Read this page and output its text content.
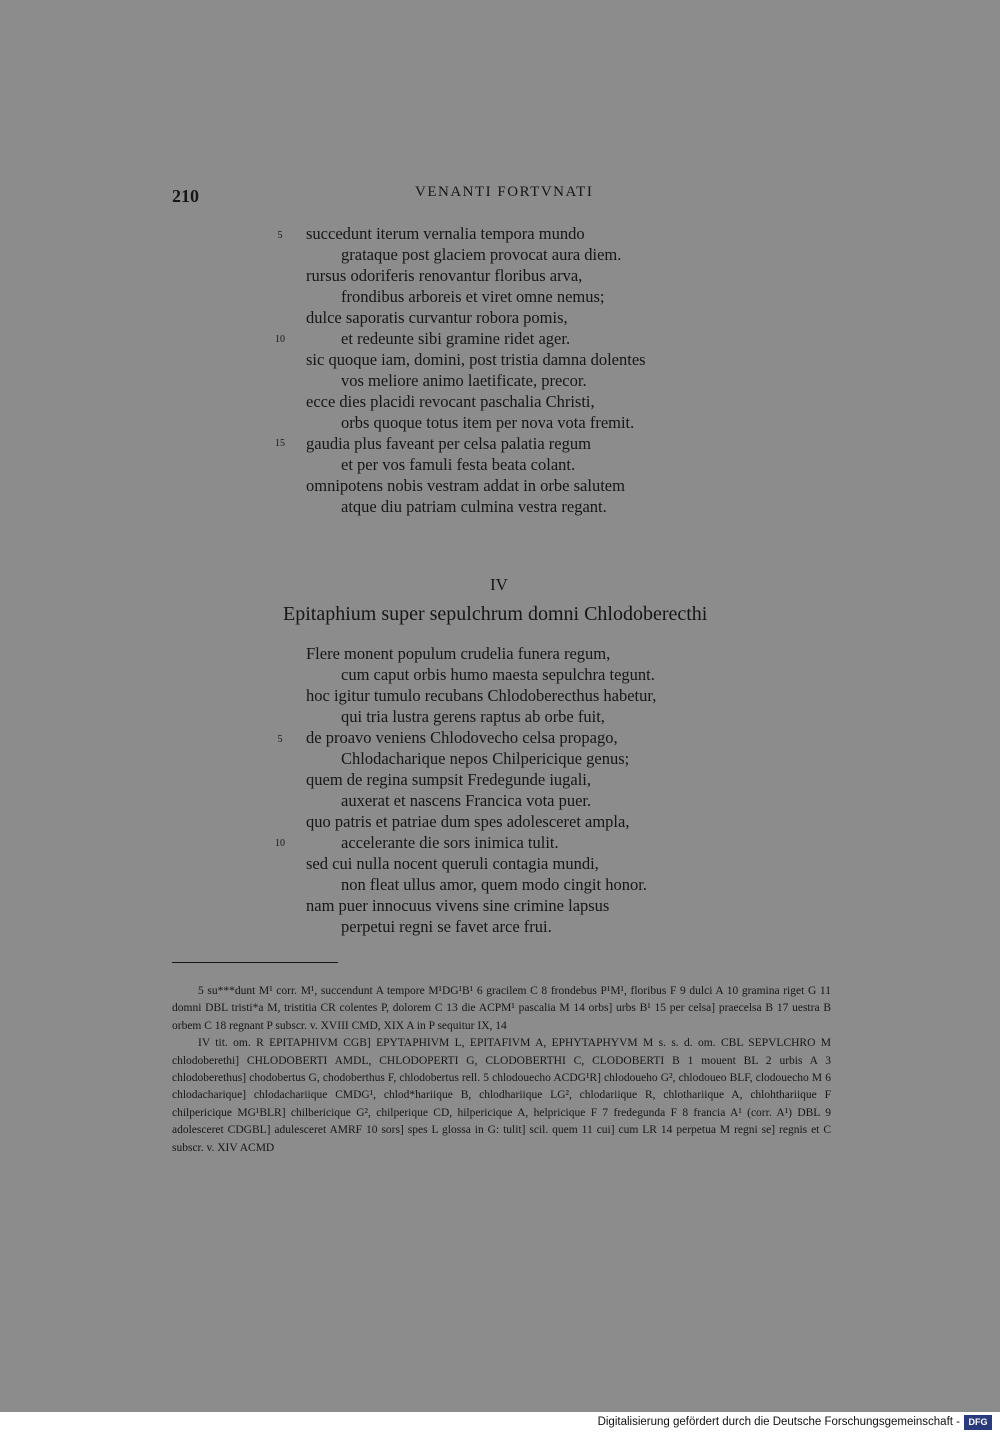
210	VENANTI FORTVNATI
5
10
15
succedunt iterum vernalia tempora mundo
grataque post glaciem provocat aura diem.
rursus odoriferis renovantur floribus arva,
frondibus arboreis et viret omne nemus;
dulce saporatis curvantur robora pomis,
et redeunte sibi gramine ridet ager.
sic quoque iam, domini, post tristia damna dolentes
vos meliore animo laetificate, precor.
ecce dies placidi revocant paschalia Christi,
orbs quoque totus item per nova vota fremit.
gaudia plus faveant per celsa palatia regum
et per vos famuli festa beata colant.
omnipotens nobis vestram addat in orbe salutem
atque diu patriam culmina vestra regant.
IV
Epitaphium super sepulchrum domni Chlodoberecthi
5
10
Flere monent populum crudelia funera regum,
cum caput orbis humo maesta sepulchra tegunt.
hoc igitur tumulo recubans Chlodoberecthus habetur,
qui tria lustra gerens raptus ab orbe fuit,
de proavo veniens Chlodovecho celsa propago,
Chlodacharique nepos Chilpericique genus;
quem de regina sumpsit Fredegunde iugali,
auxerat et nascens Francica vota puer.
quo patris et patriae dum spes adolesceret ampla,
accelerante die sors inimica tulit.
sed cui nulla nocent queruli contagia mundi,
non fleat ullus amor, quem modo cingit honor.
nam puer innocuus vivens sine crimine lapsus
perpetui regni se favet arce frui.

5 su***dunt M¹ corr. M¹, succendunt A tempore M¹DG¹B¹ 6 gracilem C 8 frondebus P¹M¹, floribus F 9 dulci A 10 gramina riget G 11 domni DBL tristi*a M, tristitia CR colentes P, dolorem C 13 die ACPM¹ pascalia M 14 orbs] urbs B¹ 15 per celsa] praecelsa B 17 uestra B orbem C 18 regnant P subscr. v. XVIII CMD, XIX A in P sequitur IX, 14

IV tit. om. R EPITAPHIVM CGB] EPYTAPHIVM L, EPITAFIVM A, EPHYTAPHYVM M s. s. d. om. CBL SEPVLCHRO M chlodoberethi] CHLODOBERTI AMDL, CHLODOPERTI G, CLODOBERTHI C, CLODOBERTI B 1 mouent BL 2 urbis A 3 chlodoberethus] chodobertus G, chodoberthus F, chlodobertus rell. 5 chlodouecho ACDG¹R] chlodoueho G², chlodoueo BLF, clodouecho M 6 chlodacharique] chlodachariique CMDG¹, chlod*hariique B, chlodhariique LG², chlodariique R, chlothariique A, chlohthariique F chilpericique MG¹BLR] chilbericique G², chilperique CD, hilpericique A, helpricique F 7 fredegunda F 8 francia A¹ (corr. A¹) DBL 9 adolesceret CDGBL] adulesceret AMRF 10 sors] spes L glossa in G: tulit] scil. quem 11 cui] cum LR 14 perpetua M regni se] regnis et C subscr. v. XIV ACMD

Digitalisierung gefördert durch die Deutsche Forschungsgemeinschaft - DFG
